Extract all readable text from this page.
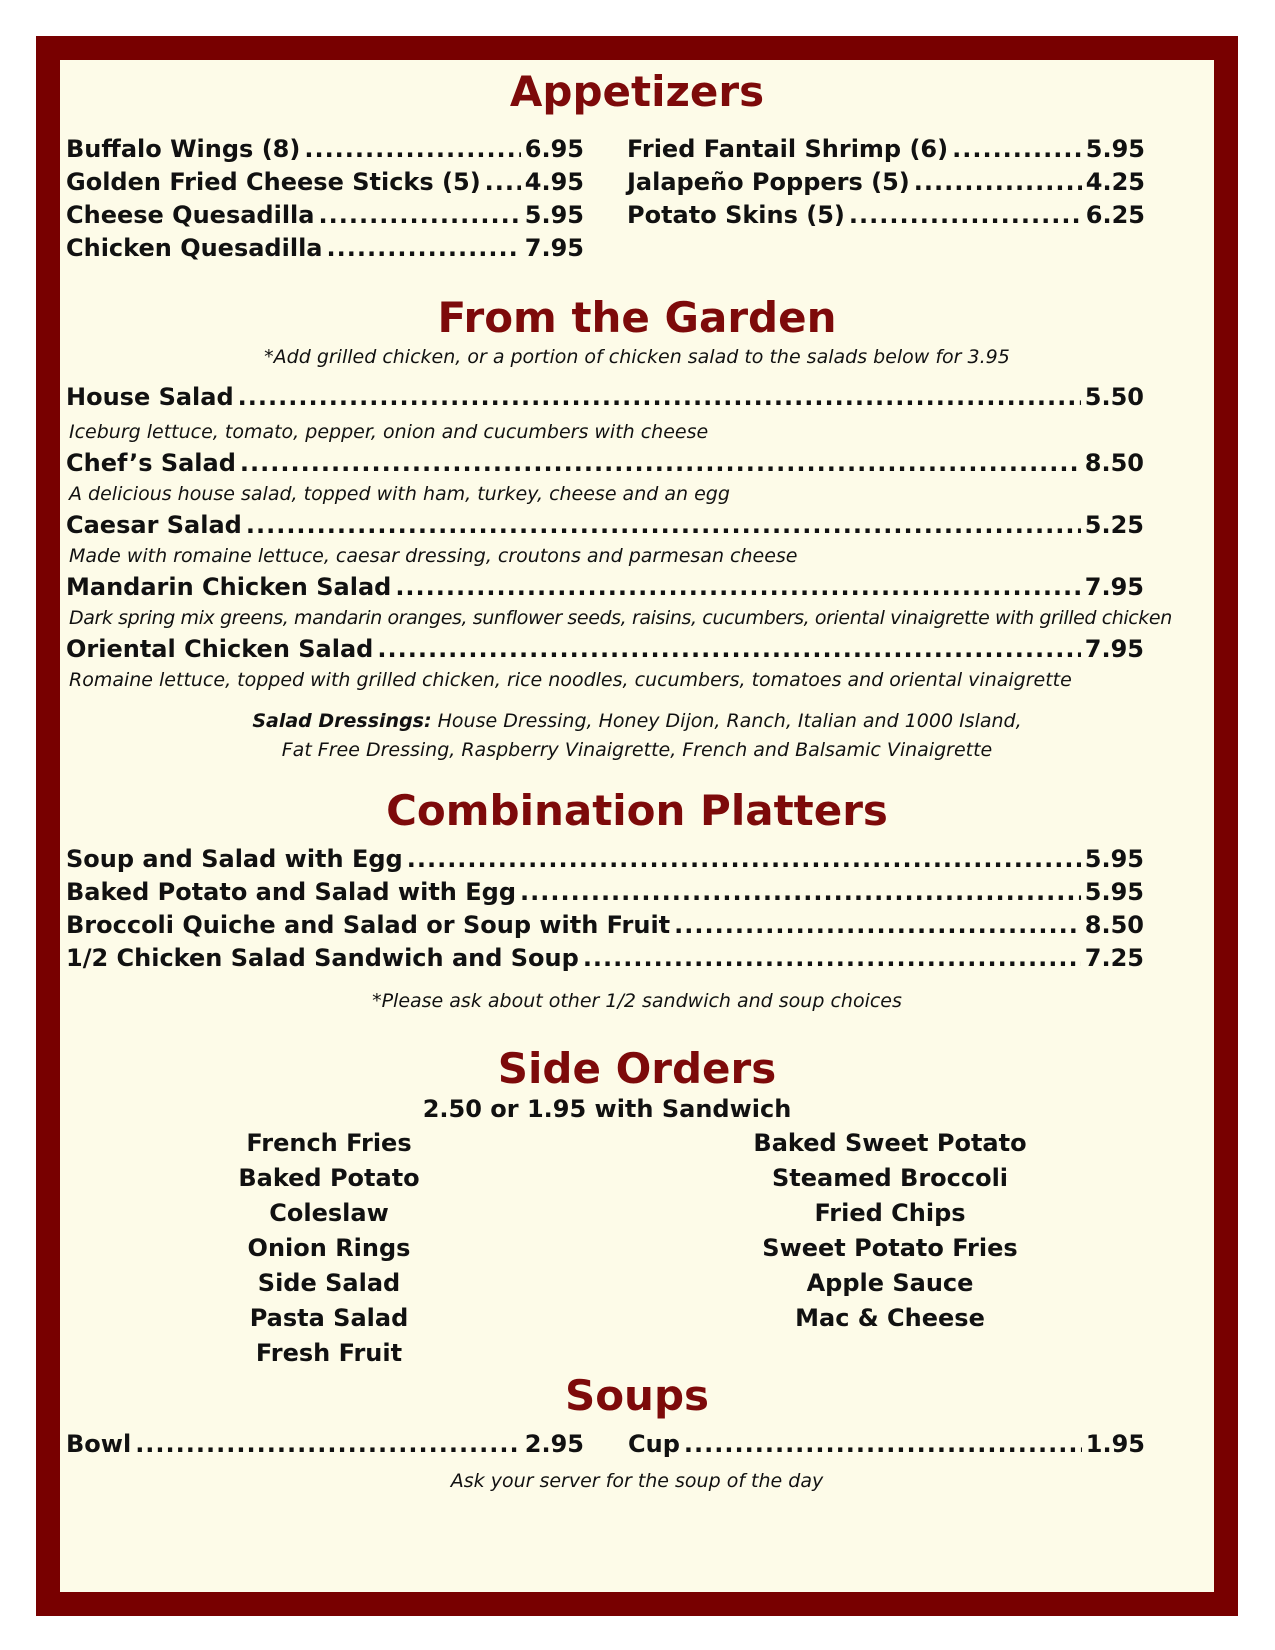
Appetizers
Buffalo Wings (8) .....	6.95
Golden Fried Cheese Sticks (5) ..... 4.95
Cheese Quesadilla .....	5.95
Chicken Quesadilla .....	7.95
Fried Fantail Shrimp (6) .....	5.95
Jalapeño Poppers (5) .....	4.25
Potato Skins (5) .....	6.25
From the Garden
*Add grilled chicken, or a portion of chicken salad to the salads below for 3.95
House Salad .....	5.50
Iceburg lettuce, tomato, pepper, onion and cucumbers with cheese
Chef’s Salad .....	8.50
A delicious house salad, topped with ham, turkey, cheese and an egg
Caesar Salad .....	5.25
Made with romaine lettuce, caesar dressing, croutons and parmesan cheese
Mandarin Chicken Salad .....	7.95
Dark spring mix greens, mandarin oranges, sunflower seeds, raisins, cucumbers, oriental vinaigrette with grilled chicken
Oriental Chicken Salad .....	7.95
Romaine lettuce, topped with grilled chicken, rice noodles, cucumbers, tomatoes and oriental vinaigrette
Salad Dressings: House Dressing, Honey Dijon, Ranch, Italian and 1000 Island,
Fat Free Dressing, Raspberry Vinaigrette, French and Balsamic Vinaigrette
Combination Platters
Soup and Salad with Egg .....	5.95
Baked Potato and Salad with Egg .....	5.95
Broccoli Quiche and Salad or Soup with Fruit .....	8.50
1/2 Chicken Salad Sandwich and Soup .....	7.25
*Please ask about other 1/2 sandwich and soup choices
Side Orders
2.50 or 1.95 with Sandwich
French Fries
Baked Potato
Coleslaw
Onion Rings
Side Salad
Pasta Salad
Fresh Fruit
Baked Sweet Potato
Steamed Broccoli
Fried Chips
Sweet Potato Fries
Apple Sauce
Mac & Cheese
Soups
Bowl .....	2.95 Cup .....	1.95
Ask your server for the soup of the day
